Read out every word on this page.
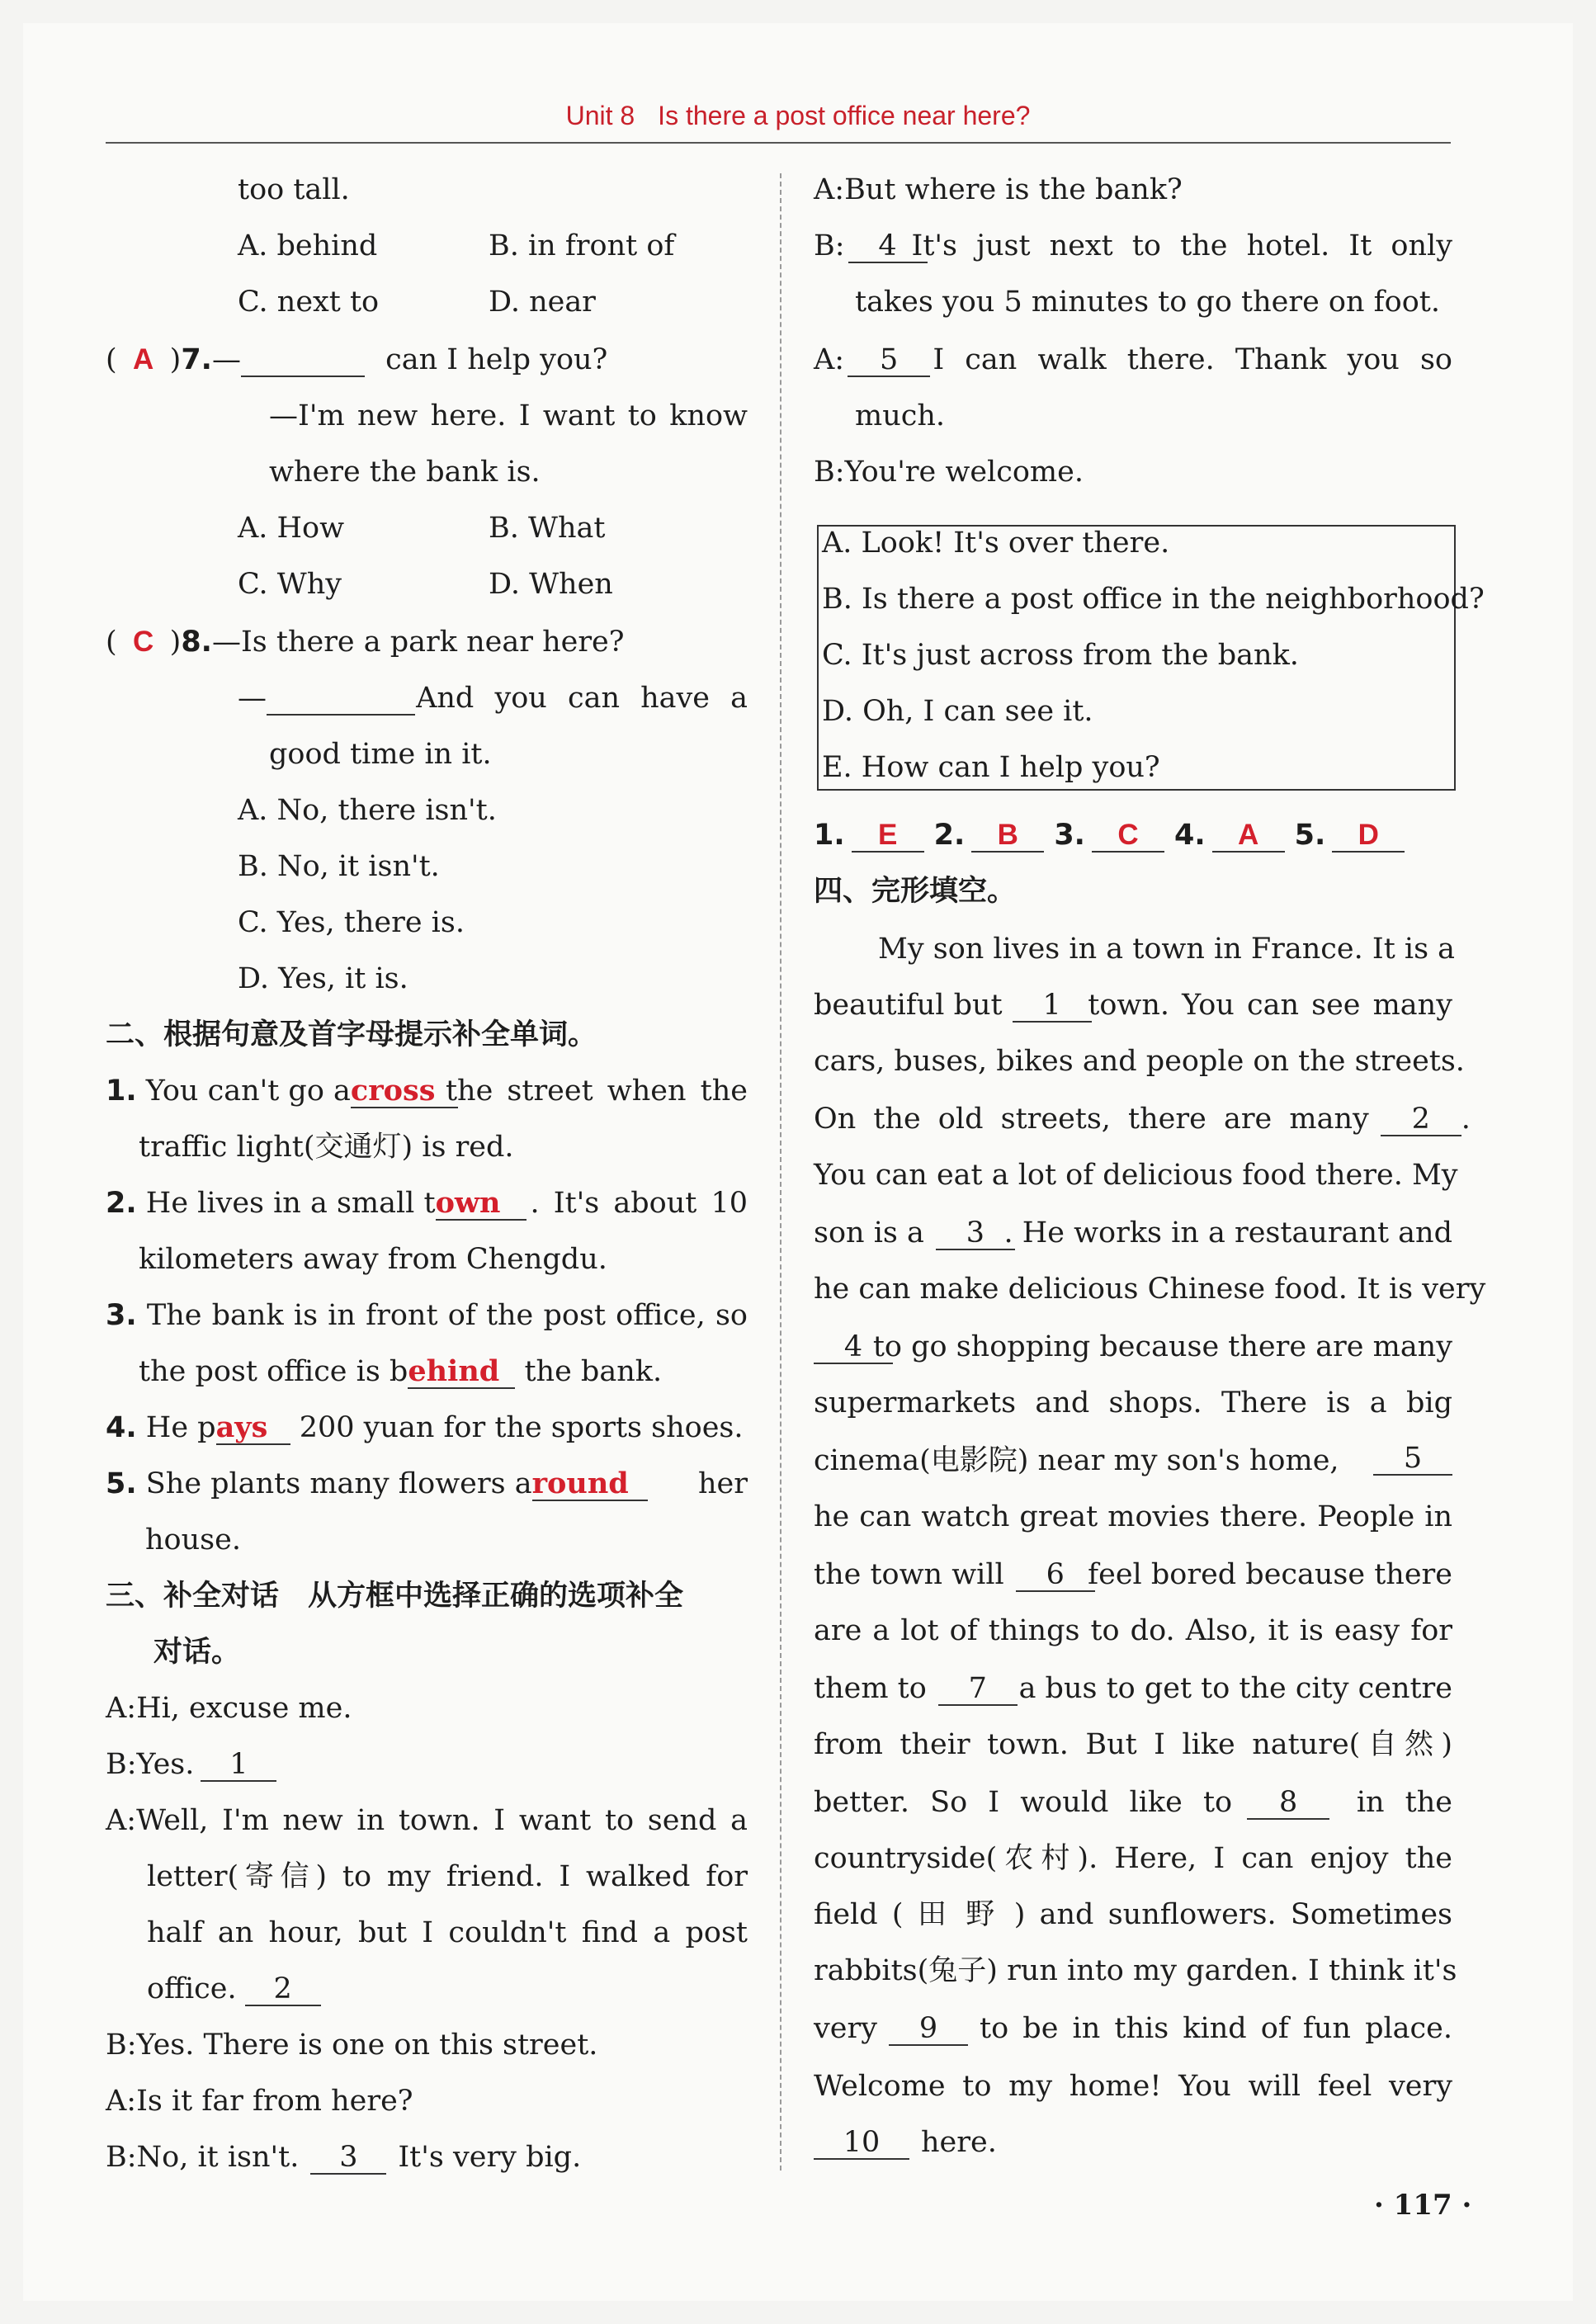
Unit 8 Is there a post office near here?
too tall.
A. behind	B. in front of
C. next to	D. near
( A )7.—	can I help you?
—I'm new here. I want to know
where the bank is.
A. How	B. What
C. Why	D. When
( C )8.—Is there a park near here?
—	And you can have a
good time in it.
A. No, there isn't.
B. No, it isn't.
C. Yes, there is.
D. Yes, it is.
二、根据句意及首字母提示补全单词。
1. You can't go across the street when the
traffic light(交通灯) is red.
2. He lives in a small town . It's about 10
kilometers away from Chengdu.
3. The bank is in front of the post office, so
the post office is behind the bank.
4. He pays 200 yuan for the sports shoes.
5. She plants many flowers around her
house.
三、补全对话　从方框中选择正确的选项补全
对话。
A:Hi, excuse me.
B:Yes. 1
A:Well, I'm new in town. I want to send a
letter(寄信) to my friend. I walked for
half an hour, but I couldn't find a post
office. 2
B:Yes. There is one on this street.
A:Is it far from here?
B:No, it isn't. 3 It's very big.
A:But where is the bank?
B: 4 It's just next to the hotel. It only
takes you 5 minutes to go there on foot.
A: 5 I can walk there. Thank you so
much.
B:You're welcome.
A. Look! It's over there.
B. Is there a post office in the neighborhood?
C. It's just across from the bank.
D. Oh, I can see it.
E. How can I help you?
1. E 2. B 3. C 4. A 5. D
四、完形填空。
My son lives in a town in France. It is a
beautiful but 1 town. You can see many
cars, buses, bikes and people on the streets.
On the old streets, there are many 2 .
You can eat a lot of delicious food there. My
son is a 3 . He works in a restaurant and
he can make delicious Chinese food. It is very
4 to go shopping because there are many
supermarkets and shops. There is a big
cinema(电影院) near my son's home,	5
he can watch great movies there. People in
the town will 6 feel bored because there
are a lot of things to do. Also, it is easy for
them to 7 a bus to get to the city centre
from their town. But I like nature(自然)
better. So I would like to 8 in the
countryside(农村). Here, I can enjoy the
field ( 田 野 ) and sunflowers. Sometimes
rabbits(兔子) run into my garden. I think it's
very 9 to be in this kind of fun place.
Welcome to my home! You will feel very
10 here.
· 117 ·
